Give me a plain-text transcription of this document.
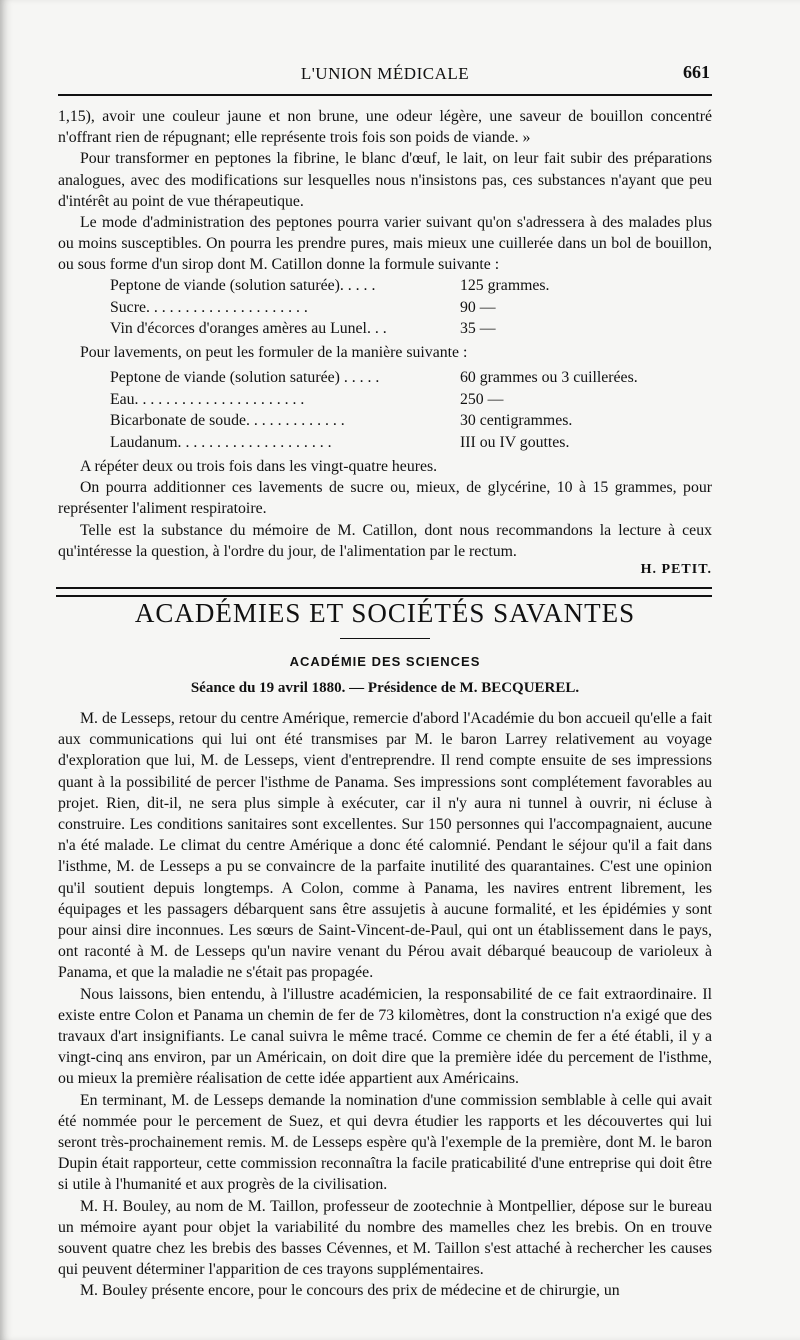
L'UNION MÉDICALE	661

1,15), avoir une couleur jaune et non brune, une odeur légère, une saveur de bouillon concentré n'offrant rien de répugnant; elle représente trois fois son poids de viande. »

Pour transformer en peptones la fibrine, le blanc d'œuf, le lait, on leur fait subir des préparations analogues, avec des modifications sur lesquelles nous n'insistons pas, ces substances n'ayant que peu d'intérêt au point de vue thérapeutique.

Le mode d'administration des peptones pourra varier suivant qu'on s'adressera à des malades plus ou moins susceptibles. On pourra les prendre pures, mais mieux une cuillerée dans un bol de bouillon, ou sous forme d'un sirop dont M. Catillon donne la formule suivante :

Peptone de viande (solution saturée). . . . .	125 grammes.
Sucre. . . . . . . . . . . . . . . . . . . . .	90 —
Vin d'écorces d'oranges amères au Lunel. . .	35 —

Pour lavements, on peut les formuler de la manière suivante :

Peptone de viande (solution saturée) . . . . .	60 grammes ou 3 cuillerées.
Eau. . . . . . . . . . . . . . . . . . . . . .	250 —
Bicarbonate de soude. . . . . . . . . . . . .	30 centigrammes.
Laudanum. . . . . . . . . . . . . . . . . . . .	III ou IV gouttes.

A répéter deux ou trois fois dans les vingt-quatre heures.

On pourra additionner ces lavements de sucre ou, mieux, de glycérine, 10 à 15 grammes, pour représenter l'aliment respiratoire.

Telle est la substance du mémoire de M. Catillon, dont nous recommandons la lecture à ceux qu'intéresse la question, à l'ordre du jour, de l'alimentation par le rectum.

H. PETIT.
ACADÉMIES ET SOCIÉTÉS SAVANTES
ACADÉMIE DES SCIENCES
Séance du 19 avril 1880. — Présidence de M. BECQUEREL.

M. de Lesseps, retour du centre Amérique, remercie d'abord l'Académie du bon accueil qu'elle a fait aux communications qui lui ont été transmises par M. le baron Larrey relativement au voyage d'exploration que lui, M. de Lesseps, vient d'entreprendre. Il rend compte ensuite de ses impressions quant à la possibilité de percer l'isthme de Panama. Ses impressions sont complétement favorables au projet. Rien, dit-il, ne sera plus simple à exécuter, car il n'y aura ni tunnel à ouvrir, ni écluse à construire. Les conditions sanitaires sont excellentes. Sur 150 personnes qui l'accompagnaient, aucune n'a été malade. Le climat du centre Amérique a donc été calomnié. Pendant le séjour qu'il a fait dans l'isthme, M. de Lesseps a pu se convaincre de la parfaite inutilité des quarantaines. C'est une opinion qu'il soutient depuis longtemps. A Colon, comme à Panama, les navires entrent librement, les équipages et les passagers débarquent sans être assujetis à aucune formalité, et les épidémies y sont pour ainsi dire inconnues. Les sœurs de Saint-Vincent-de-Paul, qui ont un établissement dans le pays, ont raconté à M. de Lesseps qu'un navire venant du Pérou avait débarqué beaucoup de varioleux à Panama, et que la maladie ne s'était pas propagée.

Nous laissons, bien entendu, à l'illustre académicien, la responsabilité de ce fait extraordinaire. Il existe entre Colon et Panama un chemin de fer de 73 kilomètres, dont la construction n'a exigé que des travaux d'art insignifiants. Le canal suivra le même tracé. Comme ce chemin de fer a été établi, il y a vingt-cinq ans environ, par un Américain, on doit dire que la première idée du percement de l'isthme, ou mieux la première réalisation de cette idée appartient aux Américains.

En terminant, M. de Lesseps demande la nomination d'une commission semblable à celle qui avait été nommée pour le percement de Suez, et qui devra étudier les rapports et les découvertes qui lui seront très-prochainement remis. M. de Lesseps espère qu'à l'exemple de la première, dont M. le baron Dupin était rapporteur, cette commission reconnaîtra la facile praticabilité d'une entreprise qui doit être si utile à l'humanité et aux progrès de la civilisation.

M. H. Bouley, au nom de M. Taillon, professeur de zootechnie à Montpellier, dépose sur le bureau un mémoire ayant pour objet la variabilité du nombre des mamelles chez les brebis. On en trouve souvent quatre chez les brebis des basses Cévennes, et M. Taillon s'est attaché à rechercher les causes qui peuvent déterminer l'apparition de ces trayons supplémentaires.

M. Bouley présente encore, pour le concours des prix de médecine et de chirurgie, un
